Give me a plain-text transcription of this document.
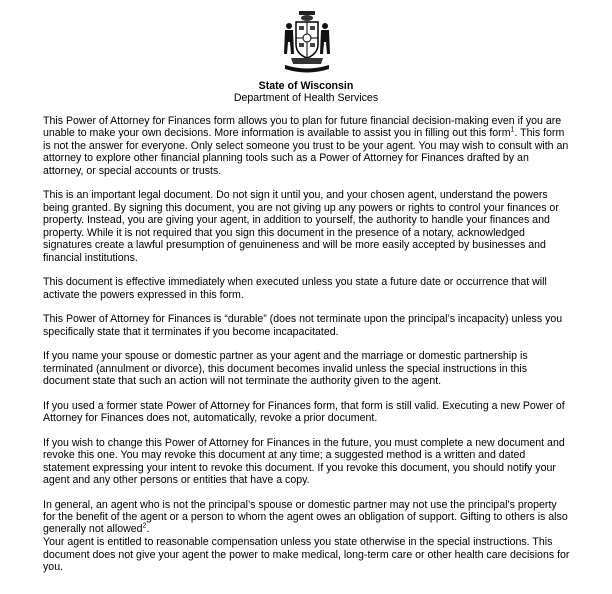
State of Wisconsin
Department of Health Services

This Power of Attorney for Finances form allows you to plan for future financial decision-making even if you are unable to make your own decisions. More information is available to assist you in filling out this form$^1$. This form is not the answer for everyone. Only select someone you trust to be your agent. You may wish to consult with an attorney to explore other financial planning tools such as a Power of Attorney for Finances drafted by an attorney, or special accounts or trusts.

This is an important legal document. Do not sign it until you, and your chosen agent, understand the powers being granted. By signing this document, you are not giving up any powers or rights to control your finances or property. Instead, you are giving your agent, in addition to yourself, the authority to handle your finances and property. While it is not required that you sign this document in the presence of a notary, acknowledged signatures create a lawful presumption of genuineness and will be more easily accepted by businesses and financial institutions.

This document is effective immediately when executed unless you state a future date or occurrence that will activate the powers expressed in this form.

This Power of Attorney for Finances is “durable” (does not terminate upon the principal’s incapacity) unless you specifically state that it terminates if you become incapacitated.

If you name your spouse or domestic partner as your agent and the marriage or domestic partnership is terminated (annulment or divorce), this document becomes invalid unless the special instructions in this document state that such an action will not terminate the authority given to the agent.

If you used a former state Power of Attorney for Finances form, that form is still valid. Executing a new Power of Attorney for Finances does not, automatically, revoke a prior document.

If you wish to change this Power of Attorney for Finances in the future, you must complete a new document and revoke this one. You may revoke this document at any time; a suggested method is a written and dated statement expressing your intent to revoke this document. If you revoke this document, you should notify your agent and any other persons or entities that have a copy.

In general, an agent who is not the principal’s spouse or domestic partner may not use the principal’s property for the benefit of the agent or a person to whom the agent owes an obligation of support. Gifting to others is also generally not allowed$^2$.

Your agent is entitled to reasonable compensation unless you state otherwise in the special instructions. This document does not give your agent the power to make medical, long-term care or other health care decisions for you.
